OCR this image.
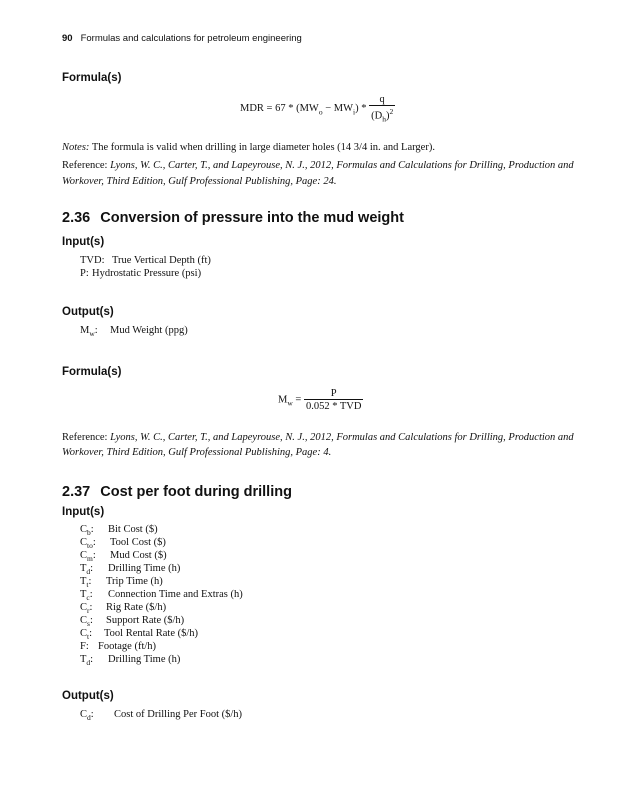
90 Formulas and calculations for petroleum engineering
Formula(s)
MDR = $67 * (MW_o - MW_i) * \frac{q}{(D_h)^2}$
Notes: The formula is valid when drilling in large diameter holes (14 3/4 in. and Larger).
Reference: Lyons, W. C., Carter, T., and Lapeyrouse, N. J., 2012, Formulas and Calculations for Drilling, Production and
Workover, Third Edition, Gulf Professional Publishing, Page: 24.
2.36 Conversion of pressure into the mud weight
Input(s)
TVD: True Vertical Depth (ft)
P: Hydrostatic Pressure (psi)
Output(s)
$M_w$: Mud Weight (ppg)
Formula(s)
$M_w = \frac{P}{\text{0.052 * TVD}}$
Reference: Lyons, W. C., Carter, T., and Lapeyrouse, N. J., 2012, Formulas and Calculations for Drilling, Production and
Workover, Third Edition, Gulf Professional Publishing, Page: 4.
2.37 Cost per foot during drilling
Input(s)
$C_b$: Bit Cost ($)
$C_{to}$: Tool Cost ($)
$C_m$: Mud Cost ($)
$T_d$: Drilling Time (h)
$T_t$: Trip Time (h)
$T_c$: Connection Time and Extras (h)
$C_r$: Rig Rate ($/h)
$C_s$: Support Rate ($/h)
$C_t$: Tool Rental Rate ($/h)
F: Footage (ft/h)
$T_d$: Drilling Time (h)
Output(s)
$C_d$: Cost of Drilling Per Foot ($/h)
